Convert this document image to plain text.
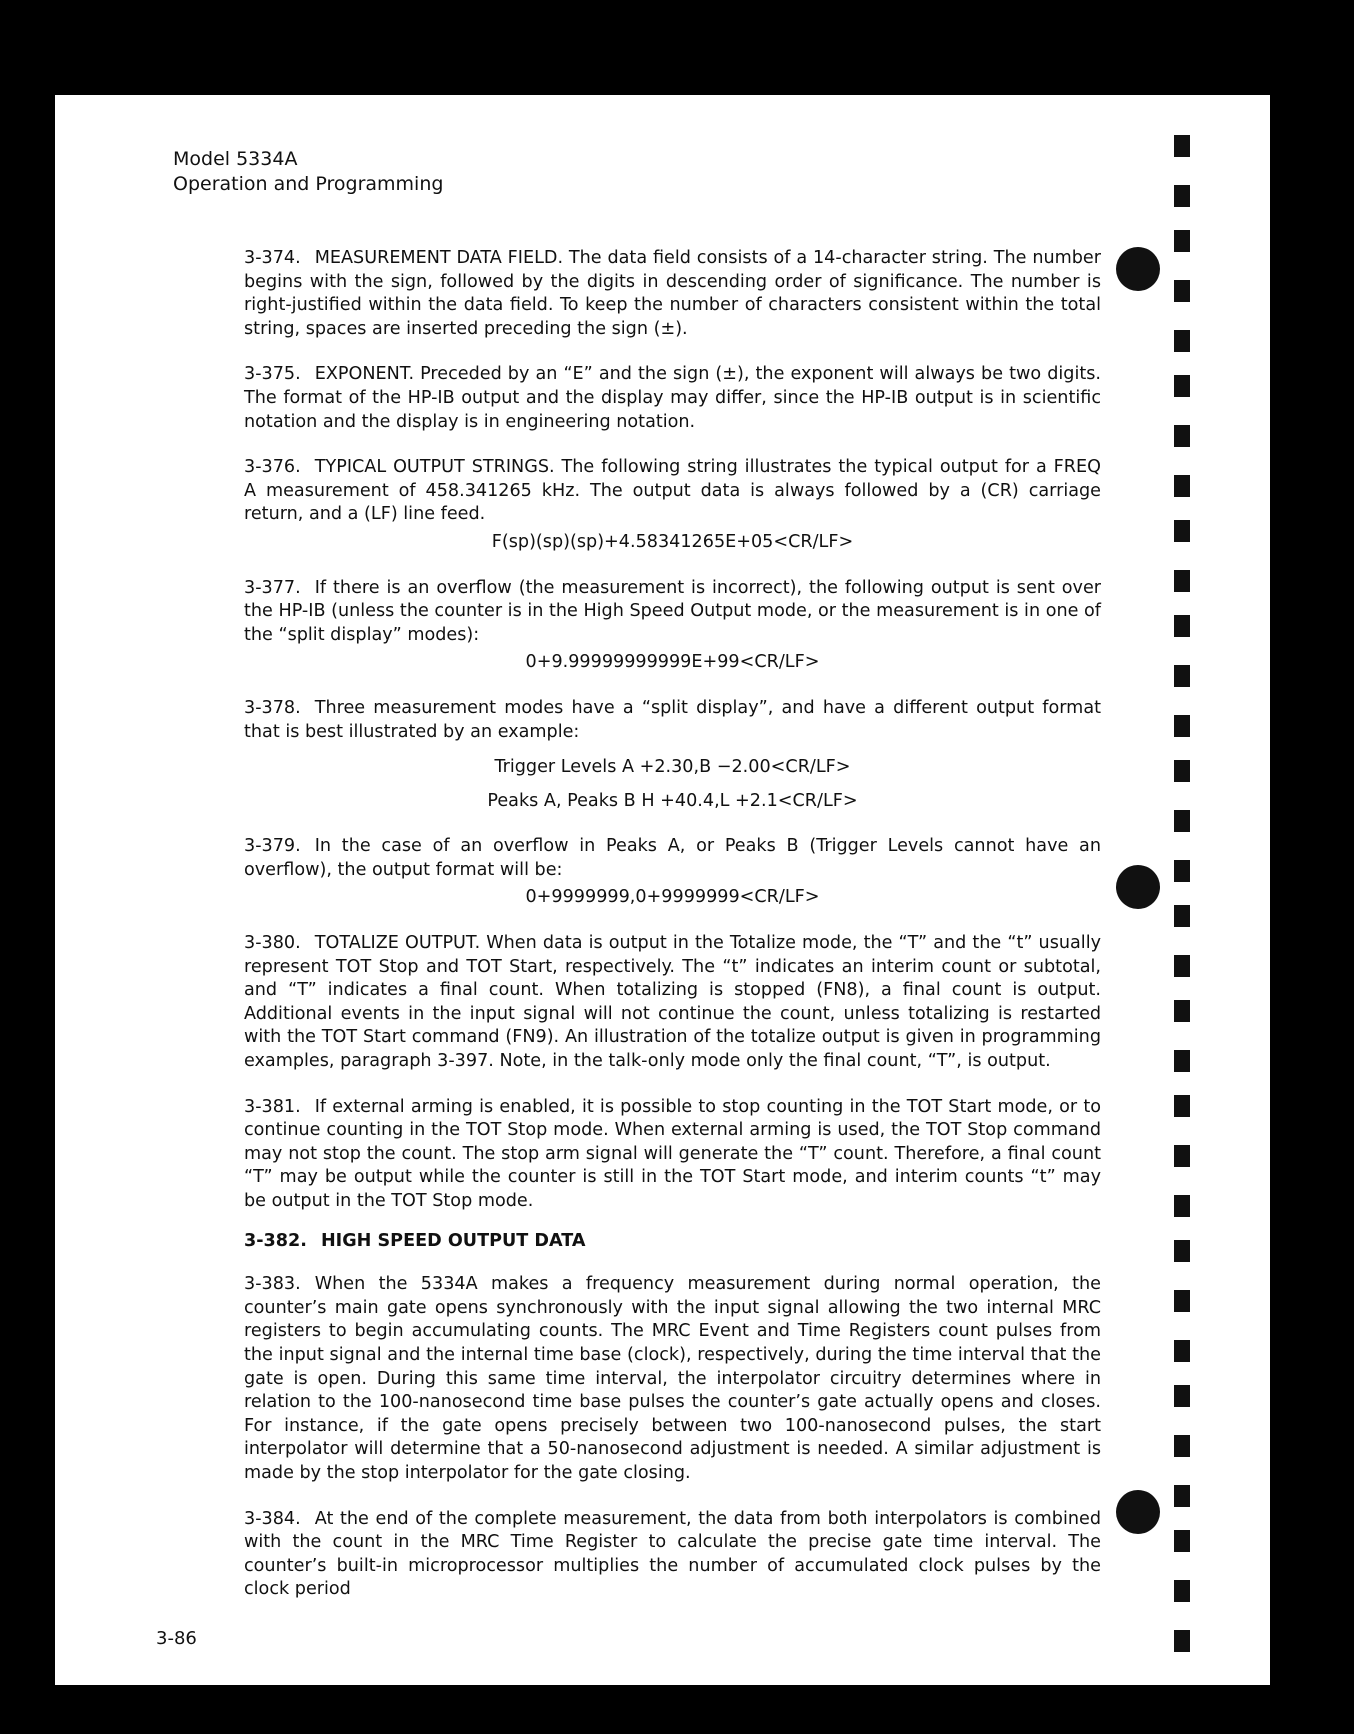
Model 5334A
Operation and Programming

3-374. MEASUREMENT DATA FIELD. The data field consists of a 14-character string. The number begins with the sign, followed by the digits in descending order of significance. The number is right-justified within the data field. To keep the number of characters consistent within the total string, spaces are inserted preceding the sign (±).

3-375. EXPONENT. Preceded by an “E” and the sign (±), the exponent will always be two digits. The format of the HP-IB output and the display may differ, since the HP-IB output is in scientific notation and the display is in engineering notation.

3-376. TYPICAL OUTPUT STRINGS. The following string illustrates the typical output for a FREQ A measurement of 458.341265 kHz. The output data is always followed by a (CR) carriage return, and a (LF) line feed.

F(sp)(sp)(sp)+4.58341265E+05<CR/LF>

3-377. If there is an overflow (the measurement is incorrect), the following output is sent over the HP-IB (unless the counter is in the High Speed Output mode, or the measurement is in one of the “split display” modes):

0+9.99999999999E+99<CR/LF>

3-378. Three measurement modes have a “split display”, and have a different output format that is best illustrated by an example:

Trigger Levels A +2.30,B −2.00<CR/LF>
Peaks A, Peaks B H +40.4,L +2.1<CR/LF>

3-379. In the case of an overflow in Peaks A, or Peaks B (Trigger Levels cannot have an overflow), the output format will be:

0+9999999,0+9999999<CR/LF>

3-380. TOTALIZE OUTPUT. When data is output in the Totalize mode, the “T” and the “t” usually represent TOT Stop and TOT Start, respectively. The “t” indicates an interim count or subtotal, and “T” indicates a final count. When totalizing is stopped (FN8), a final count is output. Additional events in the input signal will not continue the count, unless totalizing is restarted with the TOT Start command (FN9). An illustration of the totalize output is given in programming examples, paragraph 3-397. Note, in the talk-only mode only the final count, “T”, is output.

3-381. If external arming is enabled, it is possible to stop counting in the TOT Start mode, or to continue counting in the TOT Stop mode. When external arming is used, the TOT Stop command may not stop the count. The stop arm signal will generate the “T” count. Therefore, a final count “T” may be output while the counter is still in the TOT Start mode, and interim counts “t” may be output in the TOT Stop mode.

3-382. HIGH SPEED OUTPUT DATA

3-383. When the 5334A makes a frequency measurement during normal operation, the counter’s main gate opens synchronously with the input signal allowing the two internal MRC registers to begin accumulating counts. The MRC Event and Time Registers count pulses from the input signal and the internal time base (clock), respectively, during the time interval that the gate is open. During this same time interval, the interpolator circuitry determines where in relation to the 100-nanosecond time base pulses the counter’s gate actually opens and closes. For instance, if the gate opens precisely between two 100-nanosecond pulses, the start interpolator will determine that a 50-nanosecond adjustment is needed. A similar adjustment is made by the stop interpolator for the gate closing.

3-384. At the end of the complete measurement, the data from both interpolators is combined with the count in the MRC Time Register to calculate the precise gate time interval. The counter’s built-in microprocessor multiplies the number of accumulated clock pulses by the clock period

3-86
